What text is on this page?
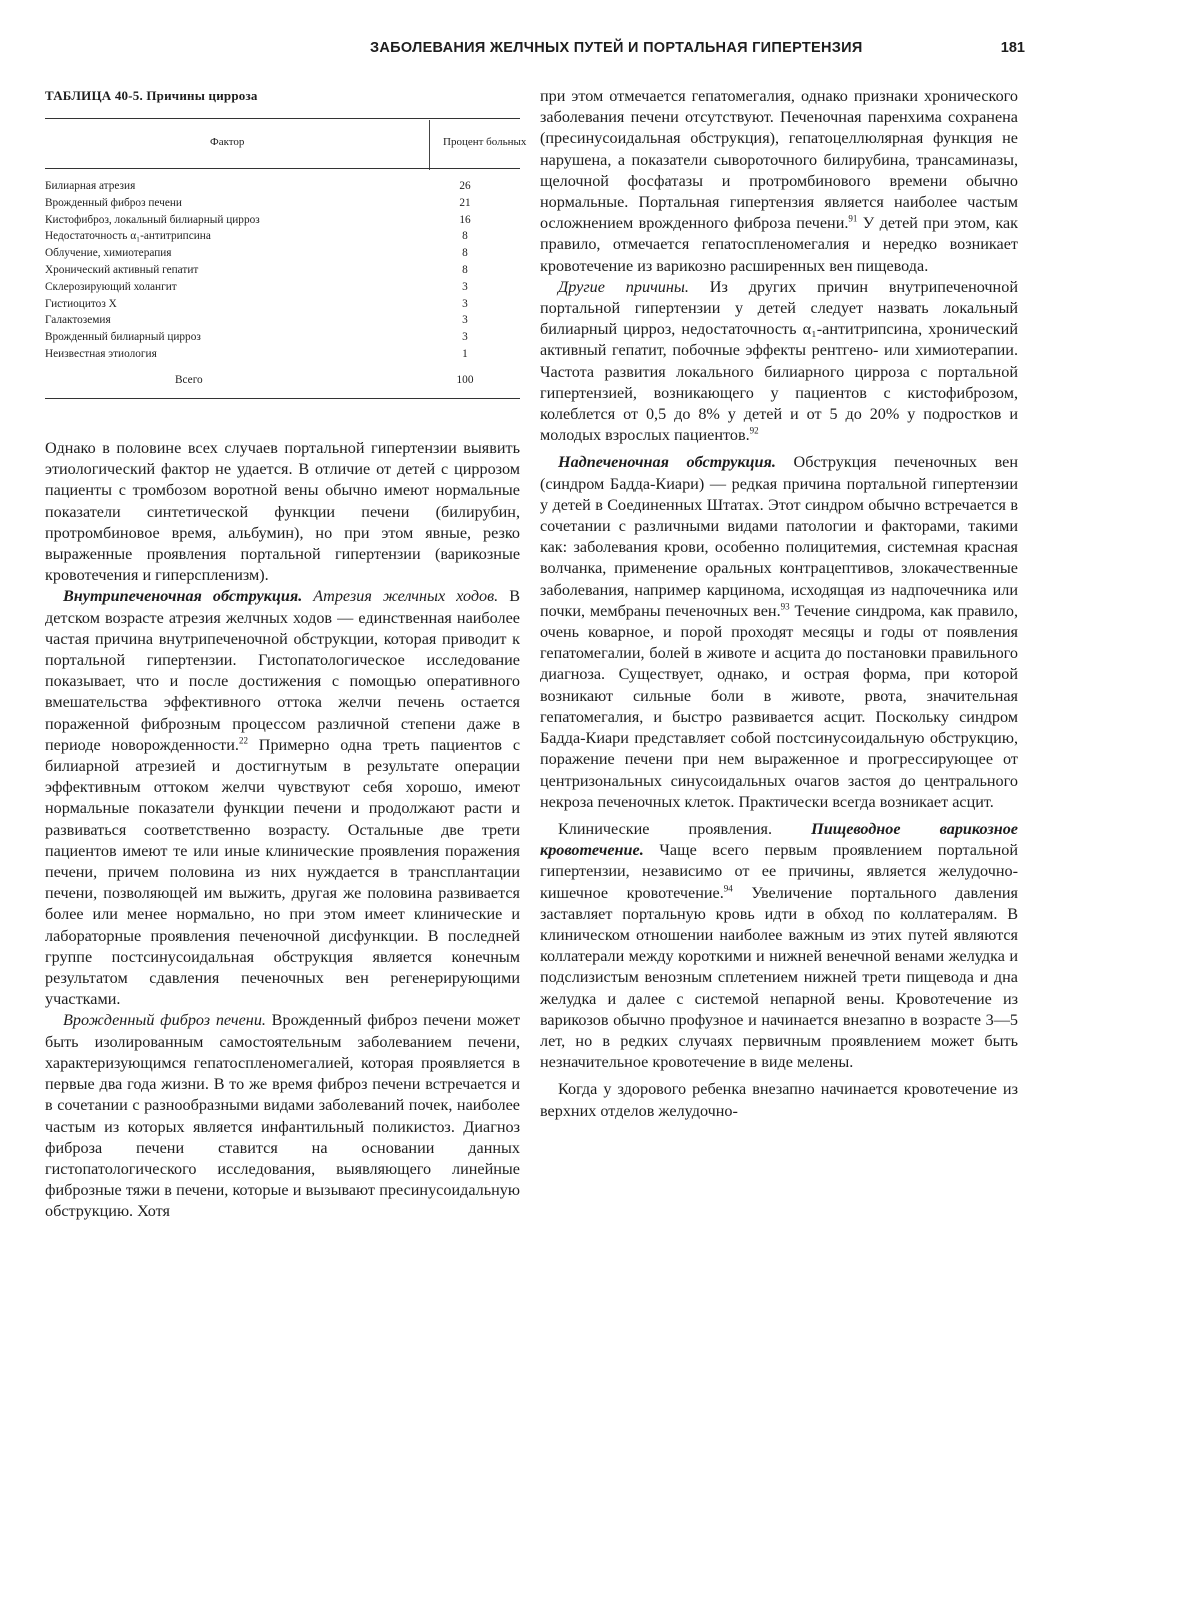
ЗАБОЛЕВАНИЯ ЖЕЛЧНЫХ ПУТЕЙ И ПОРТАЛЬНАЯ ГИПЕРТЕНЗИЯ	181
ТАБЛИЦА 40-5. Причины цирроза
Фактор	Процент больных
Билиарная атрезия	26
Врожденный фиброз печени	21
Кистофиброз, локальный билиарный цирроз	16
Недостаточность α₁-антитрипсина	8
Облучение, химиотерапия	8
Хронический активный гепатит	8
Склерозирующий холангит	3
Гистиоцитоз X	3
Галактоземия	3
Врожденный билиарный цирроз	3
Неизвестная этиология	1
Всего	100

Однако в половине всех случаев портальной гипертензии выявить этиологический фактор не удается. В отличие от детей с циррозом пациенты с тромбозом воротной вены обычно имеют нормальные показатели синтетической функции печени (билирубин, протромбиновое время, альбумин), но при этом явные, резко выраженные проявления портальной гипертензии (варикозные кровотечения и гиперспленизм).

Внутрипеченочная обструкция. Атрезия желчных ходов. В детском возрасте атрезия желчных ходов — единственная наиболее частая причина внутрипеченочной обструкции, которая приводит к портальной гипертензии. Гистопатологическое исследование показывает, что и после достижения с помощью оперативного вмешательства эффективного оттока желчи печень остается пораженной фиброзным процессом различной степени даже в периоде новорожденности.$^{22}$ Примерно одна треть пациентов с билиарной атрезией и достигнутым в результате операции эффективным оттоком желчи чувствуют себя хорошо, имеют нормальные показатели функции печени и продолжают расти и развиваться соответственно возрасту. Остальные две трети пациентов имеют те или иные клинические проявления поражения печени, причем половина из них нуждается в трансплантации печени, позволяющей им выжить, другая же половина развивается более или менее нормально, но при этом имеет клинические и лабораторные проявления печеночной дисфункции. В последней группе постсинусоидальная обструкция является конечным результатом сдавления печеночных вен регенерирующими участками.

Врожденный фиброз печени. Врожденный фиброз печени может быть изолированным самостоятельным заболеванием печени, характеризующимся гепатоспленомегалией, которая проявляется в первые два года жизни. В то же время фиброз печени встречается и в сочетании с разнообразными видами заболеваний почек, наиболее частым из которых является инфантильный поликистоз. Диагноз фиброза печени ставится на основании данных гистопатологического исследования, выявляющего линейные фиброзные тяжи в печени, которые и вызывают пресинусоидальную обструкцию. Хотя

при этом отмечается гепатомегалия, однако признаки хронического заболевания печени отсутствуют. Печеночная паренхима сохранена (пресинусоидальная обструкция), гепатоцеллюлярная функция не нарушена, а показатели сывороточного билирубина, трансаминазы, щелочной фосфатазы и протромбинового времени обычно нормальные. Портальная гипертензия является наиболее частым осложнением врожденного фиброза печени.$^{91}$ У детей при этом, как правило, отмечается гепатоспленомегалия и нередко возникает кровотечение из варикозно расширенных вен пищевода.

Другие причины. Из других причин внутрипеченочной портальной гипертензии у детей следует назвать локальный билиарный цирроз, недостаточность α₁-антитрипсина, хронический активный гепатит, побочные эффекты рентгено- или химиотерапии. Частота развития локального билиарного цирроза с портальной гипертензией, возникающего у пациентов с кистофиброзом, колеблется от 0,5 до 8% у детей и от 5 до 20% у подростков и молодых взрослых пациентов.$^{92}$

Надпеченочная обструкция. Обструкция печеночных вен (синдром Бадда-Киари) — редкая причина портальной гипертензии у детей в Соединенных Штатах. Этот синдром обычно встречается в сочетании с различными видами патологии и факторами, такими как: заболевания крови, особенно полицитемия, системная красная волчанка, применение оральных контрацептивов, злокачественные заболевания, например карцинома, исходящая из надпочечника или почки, мембраны печеночных вен.$^{93}$ Течение синдрома, как правило, очень коварное, и порой проходят месяцы и годы от появления гепатомегалии, болей в животе и асцита до постановки правильного диагноза. Существует, однако, и острая форма, при которой возникают сильные боли в животе, рвота, значительная гепатомегалия, и быстро развивается асцит. Поскольку синдром Бадда-Киари представляет собой постсинусоидальную обструкцию, поражение печени при нем выраженное и прогрессирующее от центризональных синусоидальных очагов застоя до центрального некроза печеночных клеток. Практически всегда возникает асцит.

Клинические проявления. Пищеводное варикозное кровотечение. Чаще всего первым проявлением портальной гипертензии, независимо от ее причины, является желудочно-кишечное кровотечение.$^{94}$ Увеличение портального давления заставляет портальную кровь идти в обход по коллатералям. В клиническом отношении наиболее важным из этих путей являются коллатерали между короткими и нижней венечной венами желудка и подслизистым венозным сплетением нижней трети пищевода и дна желудка и далее с системой непарной вены. Кровотечение из варикозов обычно профузное и начинается внезапно в возрасте 3—5 лет, но в редких случаях первичным проявлением может быть незначительное кровотечение в виде мелены.

Когда у здорового ребенка внезапно начинается кровотечение из верхних отделов желудочно-
